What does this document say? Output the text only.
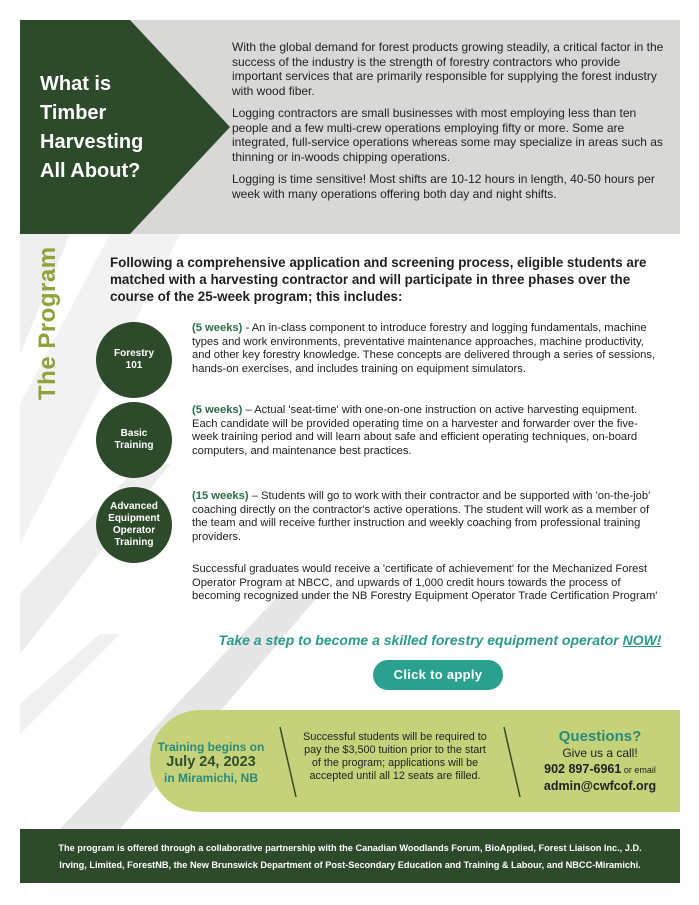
What is
Timber
Harvesting
All About?

With the global demand for forest products growing steadily, a critical factor in the success of the industry is the strength of forestry contractors who provide important services that are primarily responsible for supplying the forest industry with wood fiber.

Logging contractors are small businesses with most employing less than ten people and a few multi-crew operations employing fifty or more. Some are integrated, full-service operations whereas some may specialize in areas such as thinning or in-woods chipping operations.

Logging is time sensitive! Most shifts are 10-12 hours in length, 40-50 hours per week with many operations offering both day and night shifts.

The Program	Following a comprehensive application and screening process, eligible students are matched with a harvesting contractor and will participate in three phases over the course of the 25-week program; this includes:
Forestry
101
(5 weeks) - An in-class component to introduce forestry and logging fundamentals, machine types and work environments, preventative maintenance approaches, machine productivity, and other key forestry knowledge. These concepts are delivered through a series of sessions, hands-on exercises, and includes training on equipment simulators.
Basic
Training
(5 weeks) – Actual 'seat-time' with one-on-one instruction on active harvesting equipment. Each candidate will be provided operating time on a harvester and forwarder over the five-week training period and will learn about safe and efficient operating techniques, on-board computers, and maintenance best practices.
Advanced
Equipment
Operator
Training
(15 weeks) – Students will go to work with their contractor and be supported with 'on-the-job' coaching directly on the contractor's active operations. The student will work as a member of the team and will receive further instruction and weekly coaching from professional training providers.
Successful graduates would receive a 'certificate of achievement' for the Mechanized Forest Operator Program at NBCC, and upwards of 1,000 credit hours towards the process of becoming recognized under the NB Forestry Equipment Operator Trade Certification Program'
Take a step to become a skilled forestry equipment operator NOW!
Click to apply
Training begins on
July 24, 2023
in Miramichi, NB
Successful students will be required to pay the $3,500 tuition prior to the start of the program; applications will be accepted until all 12 seats are filled.
Questions?
Give us a call!
902 897-6961 or email
admin@cwfcof.org
The program is offered through a collaborative partnership with the Canadian Woodlands Forum, BioApplied, Forest Liaison Inc., J.D. Irving, Limited, ForestNB, the New Brunswick Department of Post-Secondary Education and Training & Labour, and NBCC-Miramichi.
